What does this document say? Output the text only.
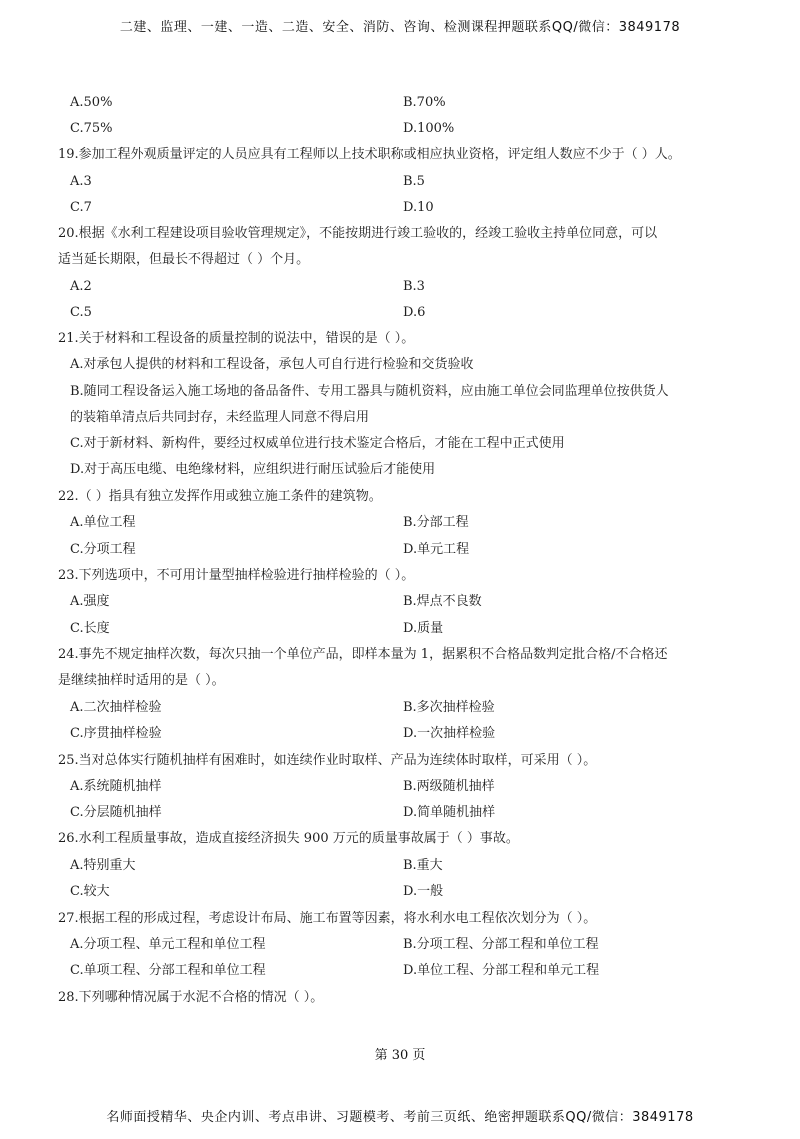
二建、监理、一建、一造、二造、安全、消防、咨询、检测课程押题联系QQ/微信：3849178
A.50%	B.70%
C.75%	D.100%
19.参加工程外观质量评定的人员应具有工程师以上技术职称或相应执业资格，评定组人数应不少于（ ）人。
A.3	B.5
C.7	D.10
20.根据《水利工程建设项目验收管理规定》，不能按期进行竣工验收的，经竣工验收主持单位同意，可以
适当延长期限，但最长不得超过（ ）个月。
A.2	B.3
C.5	D.6
21.关于材料和工程设备的质量控制的说法中，错误的是（ ）。
A.对承包人提供的材料和工程设备，承包人可自行进行检验和交货验收
B.随同工程设备运入施工场地的备品备件、专用工器具与随机资料，应由施工单位会同监理单位按供货人
的装箱单清点后共同封存，未经监理人同意不得启用
C.对于新材料、新构件，要经过权威单位进行技术鉴定合格后，才能在工程中正式使用
D.对于高压电缆、电绝缘材料，应组织进行耐压试验后才能使用
22.（ ）指具有独立发挥作用或独立施工条件的建筑物。
A.单位工程	B.分部工程
C.分项工程	D.单元工程
23.下列选项中，不可用计量型抽样检验进行抽样检验的（ ）。
A.强度	B.焊点不良数
C.长度	D.质量
24.事先不规定抽样次数，每次只抽一个单位产品，即样本量为 1，据累积不合格品数判定批合格/不合格还
是继续抽样时适用的是（ ）。
A.二次抽样检验	B.多次抽样检验
C.序贯抽样检验	D.一次抽样检验
25.当对总体实行随机抽样有困难时，如连续作业时取样、产品为连续体时取样，可采用（ ）。
A.系统随机抽样	B.两级随机抽样
C.分层随机抽样	D.简单随机抽样
26.水利工程质量事故，造成直接经济损失 900 万元的质量事故属于（ ）事故。
A.特别重大	B.重大
C.较大	D.一般
27.根据工程的形成过程，考虑设计布局、施工布置等因素，将水利水电工程依次划分为（ ）。
A.分项工程、单元工程和单位工程	B.分项工程、分部工程和单位工程
C.单项工程、分部工程和单位工程	D.单位工程、分部工程和单元工程
28.下列哪种情况属于水泥不合格的情况（ ）。
第 30 页
名师面授精华、央企内训、考点串讲、习题模考、考前三页纸、绝密押题联系QQ/微信：3849178
